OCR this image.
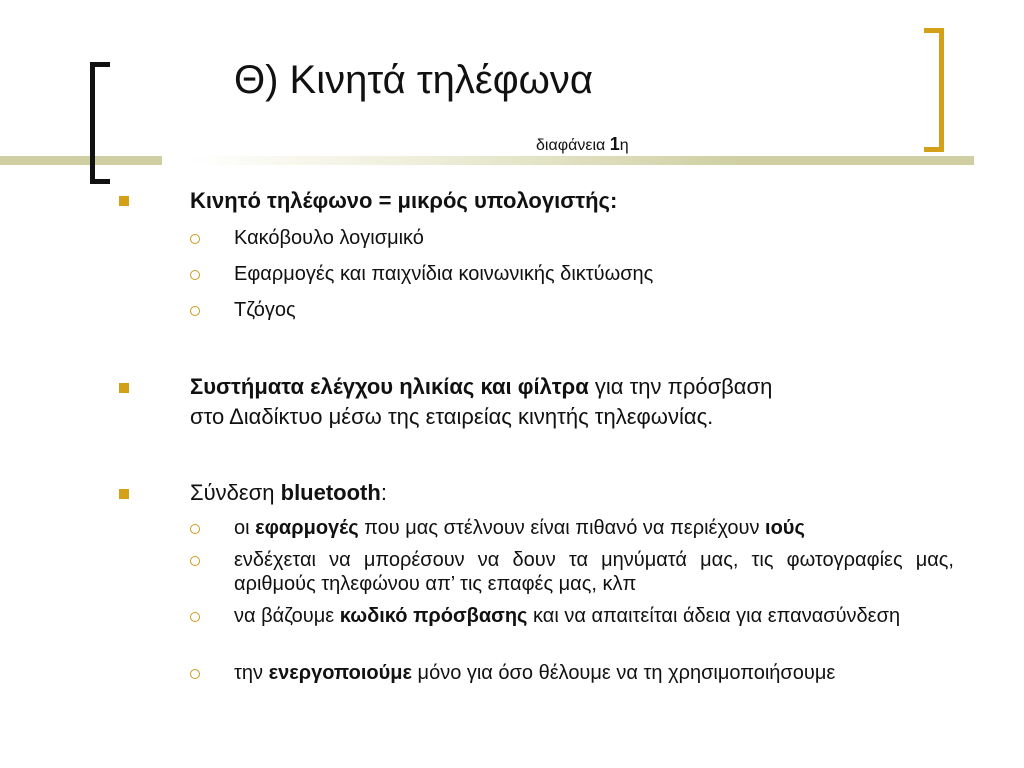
Θ) Κινητά τηλέφωνα
διαφάνεια 1η
Κινητό τηλέφωνο = μικρός υπολογιστής:
Κακόβουλο λογισμικό
Εφαρμογές και παιχνίδια κοινωνικής δικτύωσης
Τζόγος
Συστήματα ελέγχου ηλικίας και φίλτρα για την πρόσβαση
στο Διαδίκτυο μέσω της εταιρείας κινητής τηλεφωνίας.
Σύνδεση bluetooth:
οι εφαρμογές που μας στέλνουν είναι πιθανό να περιέχουν ιούς
ενδέχεται να μπορέσουν να δουν τα μηνύματά μας, τις φωτογραφίες μας, αριθμούς τηλεφώνου απ’ τις επαφές μας, κλπ
να βάζουμε κωδικό πρόσβασης και να απαιτείται άδεια για επανασύνδεση
την ενεργοποιούμε μόνο για όσο θέλουμε να τη χρησιμοποιήσουμε
